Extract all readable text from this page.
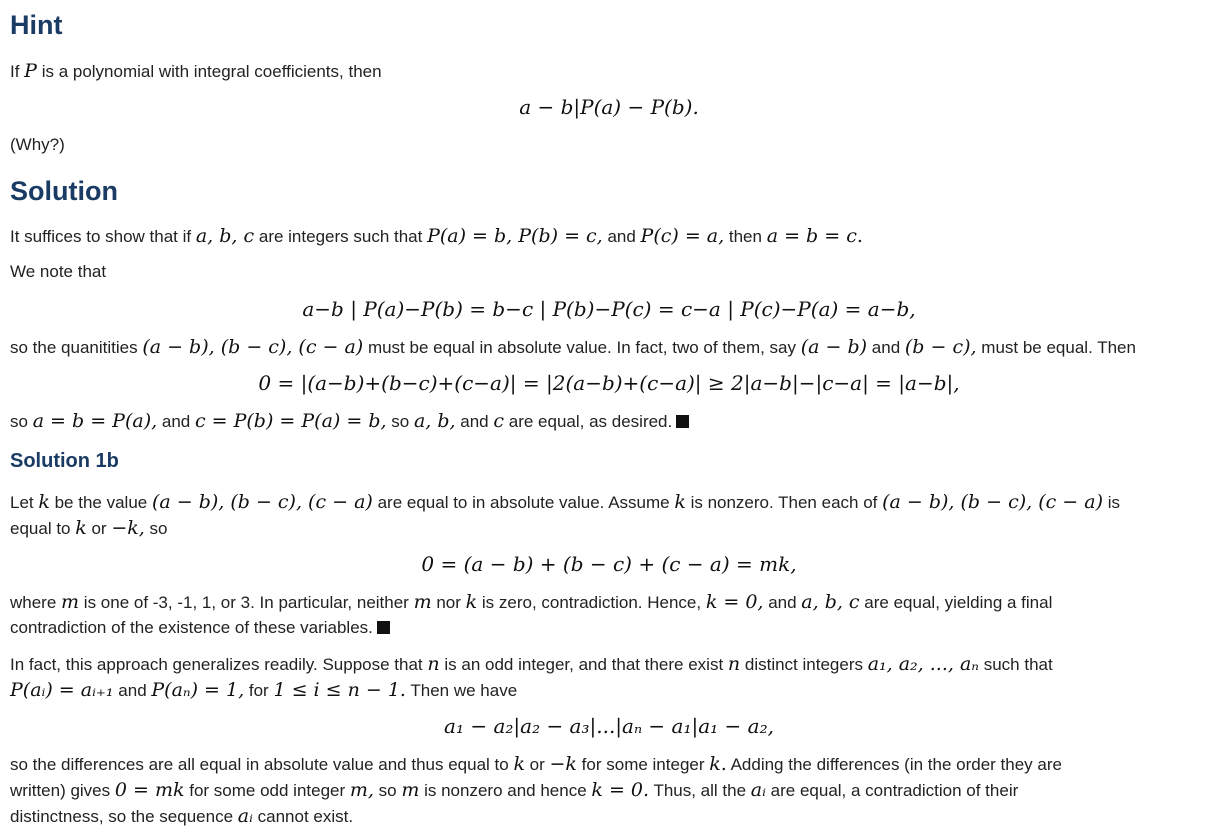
Hint

If P is a polynomial with integral coefficients, then

a − b|P(a) − P(b).

(Why?)

Solution

It suffices to show that if a, b, c are integers such that P(a) = b, P(b) = c, and P(c) = a, then a = b = c.

We note that

a−b | P(a)−P(b) = b−c | P(b)−P(c) = c−a | P(c)−P(a) = a−b,

so the quanitities (a − b), (b − c), (c − a) must be equal in absolute value. In fact, two of them, say (a − b) and (b − c), must be equal. Then

0 = |(a−b)+(b−c)+(c−a)| = |2(a−b)+(c−a)| ≥ 2|a−b|−|c−a| = |a−b|,

so a = b = P(a), and c = P(b) = P(a) = b, so a, b, and c are equal, as desired.

Solution 1b

Let k be the value (a − b), (b − c), (c − a) are equal to in absolute value. Assume k is nonzero. Then each of (a − b), (b − c), (c − a) is

equal to k or −k, so

0 = (a − b) + (b − c) + (c − a) = mk,

where m is one of -3, -1, 1, or 3. In particular, neither m nor k is zero, contradiction. Hence, k = 0, and a, b, c are equal, yielding a final

contradiction of the existence of these variables.

In fact, this approach generalizes readily. Suppose that n is an odd integer, and that there exist n distinct integers a₁, a₂, ..., aₙ such that

P(aᵢ) = aᵢ₊₁ and P(aₙ) = 1, for 1 ≤ i ≤ n − 1. Then we have

a₁ − a₂|a₂ − a₃|...|aₙ − a₁|a₁ − a₂,

so the differences are all equal in absolute value and thus equal to k or −k for some integer k. Adding the differences (in the order they are

written) gives 0 = mk for some odd integer m, so m is nonzero and hence k = 0. Thus, all the aᵢ are equal, a contradiction of their

distinctness, so the sequence aᵢ cannot exist.
